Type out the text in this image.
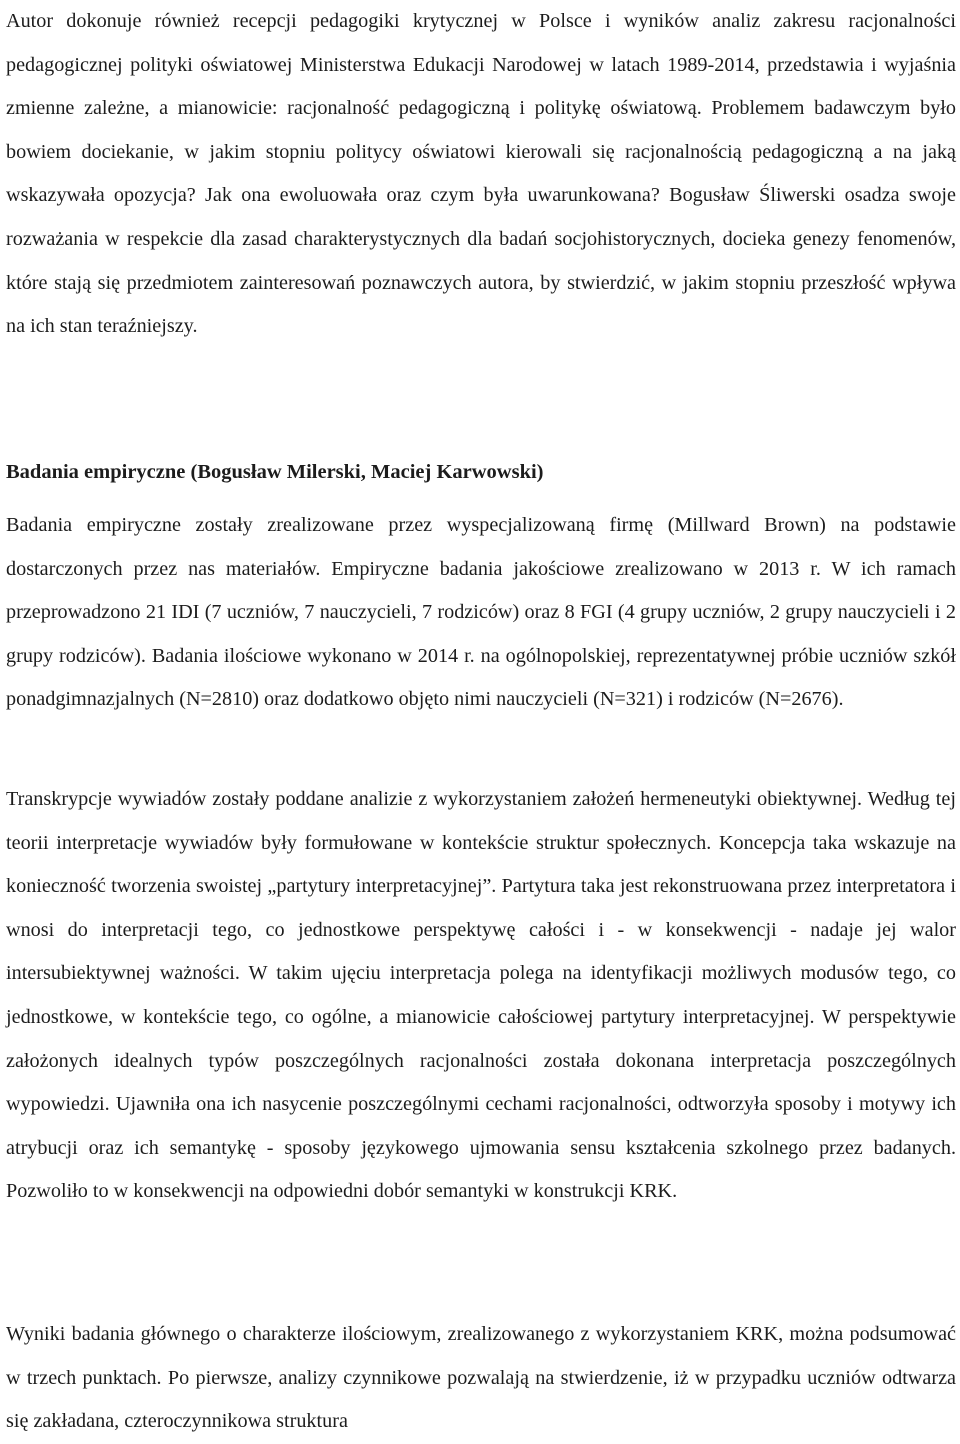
Autor dokonuje również recepcji pedagogiki krytycznej w Polsce i wyników analiz zakresu racjonalności pedagogicznej polityki oświatowej Ministerstwa Edukacji Narodowej w latach 1989-2014, przedstawia i wyjaśnia zmienne zależne, a mianowicie: racjonalność pedagogiczną i politykę oświatową. Problemem badawczym było bowiem dociekanie, w jakim stopniu politycy oświatowi kierowali się racjonalnością pedagogiczną a na jaką wskazywała opozycja? Jak ona ewoluowała oraz czym była uwarunkowana? Bogusław Śliwerski osadza swoje rozważania w respekcie dla zasad charakterystycznych dla badań socjohistorycznych, docieka genezy fenomenów, które stają się przedmiotem zainteresowań poznawczych autora, by stwierdzić, w jakim stopniu przeszłość wpływa na ich stan teraźniejszy.

Badania empiryczne (Bogusław Milerski, Maciej Karwowski)

Badania empiryczne zostały zrealizowane przez wyspecjalizowaną firmę (Millward Brown) na podstawie dostarczonych przez nas materiałów. Empiryczne badania jakościowe zrealizowano w 2013 r. W ich ramach przeprowadzono 21 IDI (7 uczniów, 7 nauczycieli, 7 rodziców) oraz 8 FGI (4 grupy uczniów, 2 grupy nauczycieli i 2 grupy rodziców). Badania ilościowe wykonano w 2014 r. na ogólnopolskiej, reprezentatywnej próbie uczniów szkół ponadgimnazjalnych (N=2810) oraz dodatkowo objęto nimi nauczycieli (N=321) i rodziców (N=2676).

Transkrypcje wywiadów zostały poddane analizie z wykorzystaniem założeń hermeneutyki obiektywnej. Według tej teorii interpretacje wywiadów były formułowane w kontekście struktur społecznych. Koncepcja taka wskazuje na konieczność tworzenia swoistej „partytury interpretacyjnej”. Partytura taka jest rekonstruowana przez interpretatora i wnosi do interpretacji tego, co jednostkowe perspektywę całości i - w konsekwencji - nadaje jej walor intersubiektywnej ważności. W takim ujęciu interpretacja polega na identyfikacji możliwych modusów tego, co jednostkowe, w kontekście tego, co ogólne, a mianowicie całościowej partytury interpretacyjnej. W perspektywie założonych idealnych typów poszczególnych racjonalności została dokonana interpretacja poszczególnych wypowiedzi. Ujawniła ona ich nasycenie poszczególnymi cechami racjonalności, odtworzyła sposoby i motywy ich atrybucji oraz ich semantykę - sposoby językowego ujmowania sensu kształcenia szkolnego przez badanych. Pozwoliło to w konsekwencji na odpowiedni dobór semantyki w konstrukcji KRK.

Wyniki badania głównego o charakterze ilościowym, zrealizowanego z wykorzystaniem KRK, można podsumować w trzech punktach. Po pierwsze, analizy czynnikowe pozwalają na stwierdzenie, iż w przypadku uczniów odtwarza się zakładana, czteroczynnikowa struktura
